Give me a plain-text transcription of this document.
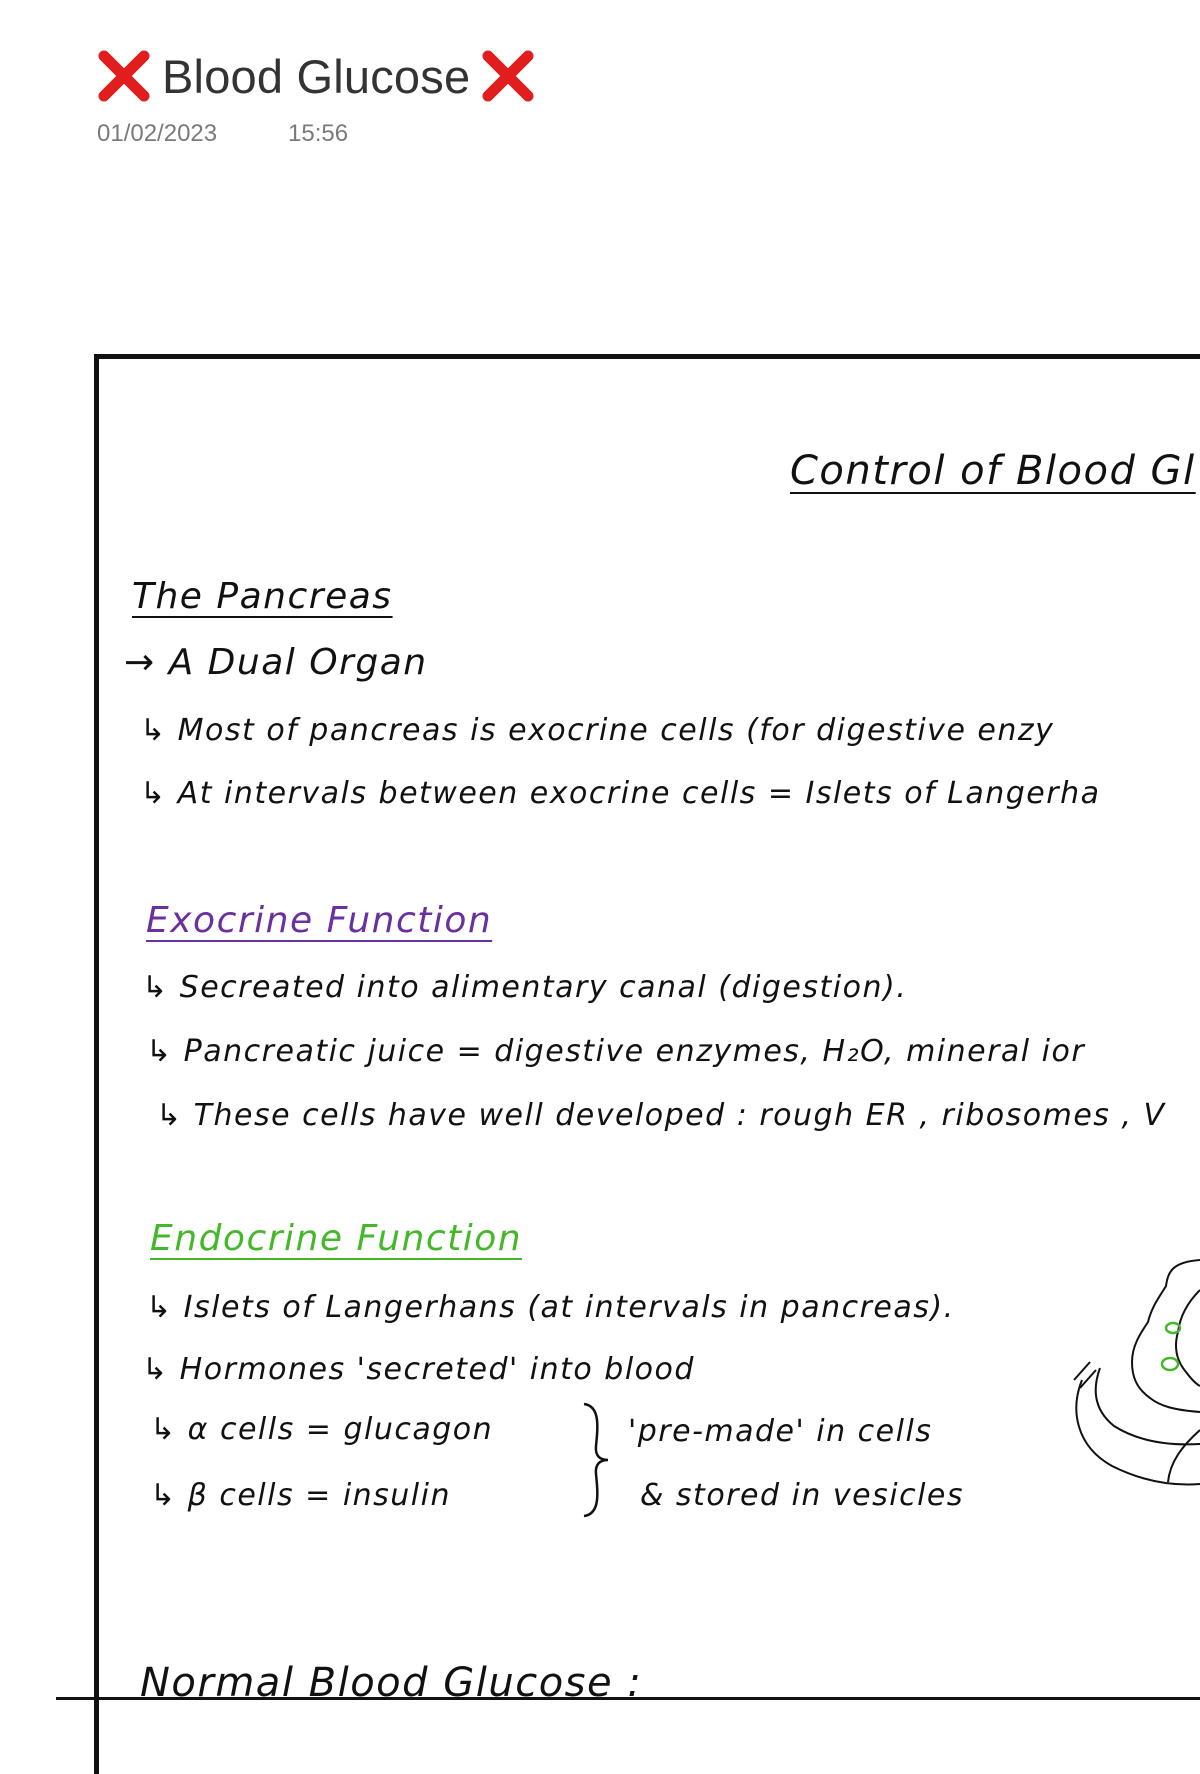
Blood Glucose
01/02/2023	15:56
Control of Blood Gl
The Pancreas
→ A Dual Organ
↳ Most of pancreas is exocrine cells (for digestive enzy
↳ At intervals between exocrine cells = Islets of Langerha
Exocrine Function
↳ Secreated into alimentary canal (digestion).
↳ Pancreatic juice = digestive enzymes, H₂O, mineral ior
↳ These cells have well developed : rough ER , ribosomes , V
Endocrine Function
↳ Islets of Langerhans (at intervals in pancreas).
↳ Hormones 'secreted' into blood
↳ α cells = glucagon
↳ β cells = insulin
'pre-made' in cells
& stored in vesicles
Normal Blood Glucose :
